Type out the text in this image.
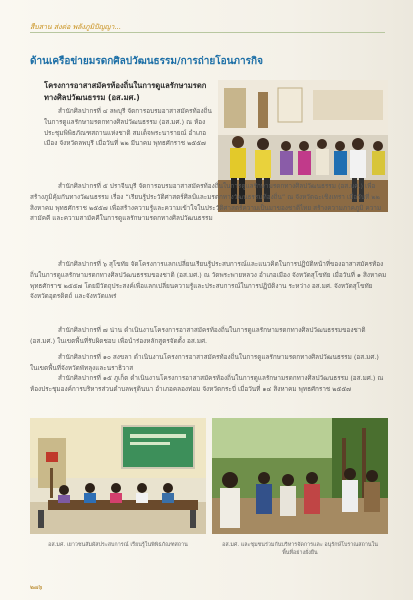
สืบสาน ส่งต่อ พลังภูมิปัญญา...
ด้านเครือข่ายมรดกศิลปวัฒนธรรม/การถ่ายโอนภารกิจ
โครงการอาสาสมัครท้องถิ่นในการดูแลรักษามรดกทางศิลปวัฒนธรรม (อส.มศ.)
สำนักศิลปากรที่ ๔ ลพบุรี จัดการอบรมอาสาสมัครท้องถิ่นในการดูแลรักษามรดกทางศิลปวัฒนธรรม (อส.มศ.) ณ ห้องประชุมพิพิธภัณฑสถานแห่งชาติ สมเด็จพระนารายณ์ อำเภอเมือง จังหวัดลพบุรี เมื่อวันที่ ๒๒ มีนาคม พุทธศักราช ๒๕๕๗
สำนักศิลปากรที่ ๕ ปราจีนบุรี จัดการอบรมอาสาสมัครท้องถิ่นในการดูแลรักษามรดกทางศิลปวัฒนธรรม (อส.มศ.) เพื่อสร้างภูมิคุ้มกันทางวัฒนธรรม เรื่อง “เรียนรู้ประวัติศาสตร์ศิลป์และมรดกทางวัฒนธรรมท้องถิ่น” ณ จังหวัดฉะเชิงเทรา เมื่อวันที่ ๒๒ สิงหาคม พุทธศักราช ๒๕๕๗ เพื่อสร้างความรู้และความเข้าใจในประวัติศาสตร์ความเป็นมาของชาติไทย สร้างความภาคภูมิ ความสามัคคี และความสามัคคีในการดูแลรักษามรดกทางศิลปวัฒนธรรม
สำนักศิลปากรที่ ๖ สุโขทัย จัดโครงการแลกเปลี่ยนเรียนรู้ประสบการณ์และแนวคิดในการปฏิบัติหน้าที่ของอาสาสมัครท้องถิ่นในการดูแลรักษามรดกทางศิลปวัฒนธรรมของชาติ (อส.มศ.) ณ วัดพระพายหลวง อำเภอเมือง จังหวัดสุโขทัย เมื่อวันที่ ๑ สิงหาคม พุทธศักราช ๒๕๕๗ โดยมีวัตถุประสงค์เพื่อแลกเปลี่ยนความรู้และประสบการณ์ในการปฏิบัติงาน ระหว่าง อส.มศ. จังหวัดสุโขทัย จังหวัดอุตรดิตถ์ และจังหวัดแพร่
สำนักศิลปากรที่ ๗ น่าน ดำเนินงานโครงการอาสาสมัครท้องถิ่นในการดูแลรักษามรดกทางศิลปวัฒนธรรมของชาติ (อส.มศ.) ในเขตพื้นที่รับผิดชอบ เพื่อนำร่องหลักสูตรจัดตั้ง อส.มศ.
สำนักศิลปากรที่ ๑๐ สงขลา ดำเนินงานโครงการอาสาสมัครท้องถิ่นในการดูแลรักษามรดกทางศิลปวัฒนธรรม (อส.มศ.) ในเขตพื้นที่จังหวัดพัทลุงและนราธิวาส
สำนักศิลปากรที่ ๑๕ ภูเก็ต ดำเนินงานโครงการอาสาสมัครท้องถิ่นในการดูแลรักษามรดกทางศิลปวัฒนธรรม (อส.มศ.) ณ ห้องประชุมองค์การบริหารส่วนตำบลพรุดินนา อำเภอคลองท่อม จังหวัดกระบี่ เมื่อวันที่ ๑๔ สิงหาคม พุทธศักราช ๒๕๕๗
อส.มศ. เยาวชนสัมผัสประสบการณ์ เรียนรู้ในพิพิธภัณฑสถาน	อส.มศ. และชุมชนร่วมกันบริหารจัดการและ อนุรักษ์โบราณสถานในพื้นที่อย่างยั่งยืน
๒๗๖
